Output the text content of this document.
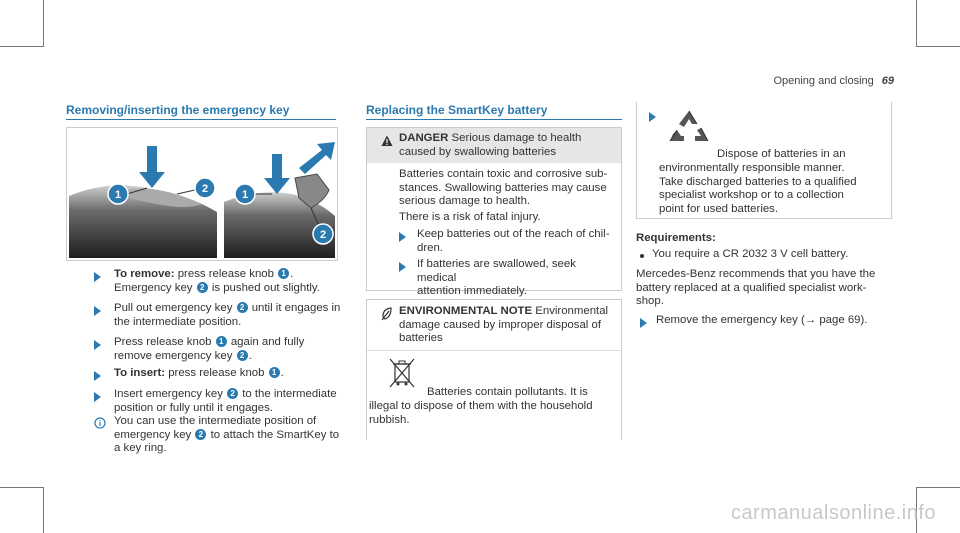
Opening and closing 69
Removing/inserting the emergency key
1	2	1
2
To remove: press release knob 1 .
Emergency key 2 is pushed out slightly.
Pull out emergency key 2 until it engages in
the intermediate position.
Press release knob 1 again and fully
remove emergency key 2 .
To insert: press release knob 1 .
Insert emergency key 2 to the intermediate
position or fully until it engages.
You can use the intermediate position of
emergency key 2 to attach the SmartKey to
a key ring.
Replacing the SmartKey battery
DANGER Serious damage to health
caused by swallowing batteries
Batteries contain toxic and corrosive sub-
stances. Swallowing batteries may cause
serious damage to health.
There is a risk of fatal injury.
Keep batteries out of the reach of chil-
dren.
If batteries are swallowed, seek medical
attention immediately.
ENVIRONMENTAL NOTE Environmental
damage caused by improper disposal of
batteries
Batteries contain pollutants. It is
illegal to dispose of them with the household
rubbish.
Dispose of batteries in an
environmentally responsible manner.
Take discharged batteries to a qualified
specialist workshop or to a collection
point for used batteries.
Requirements:
You require a CR 2032 3 V cell battery.
Mercedes-Benz recommends that you have the
battery replaced at a qualified specialist work-
shop.
Remove the emergency key (→ page 69).
carmanualsonline.info
